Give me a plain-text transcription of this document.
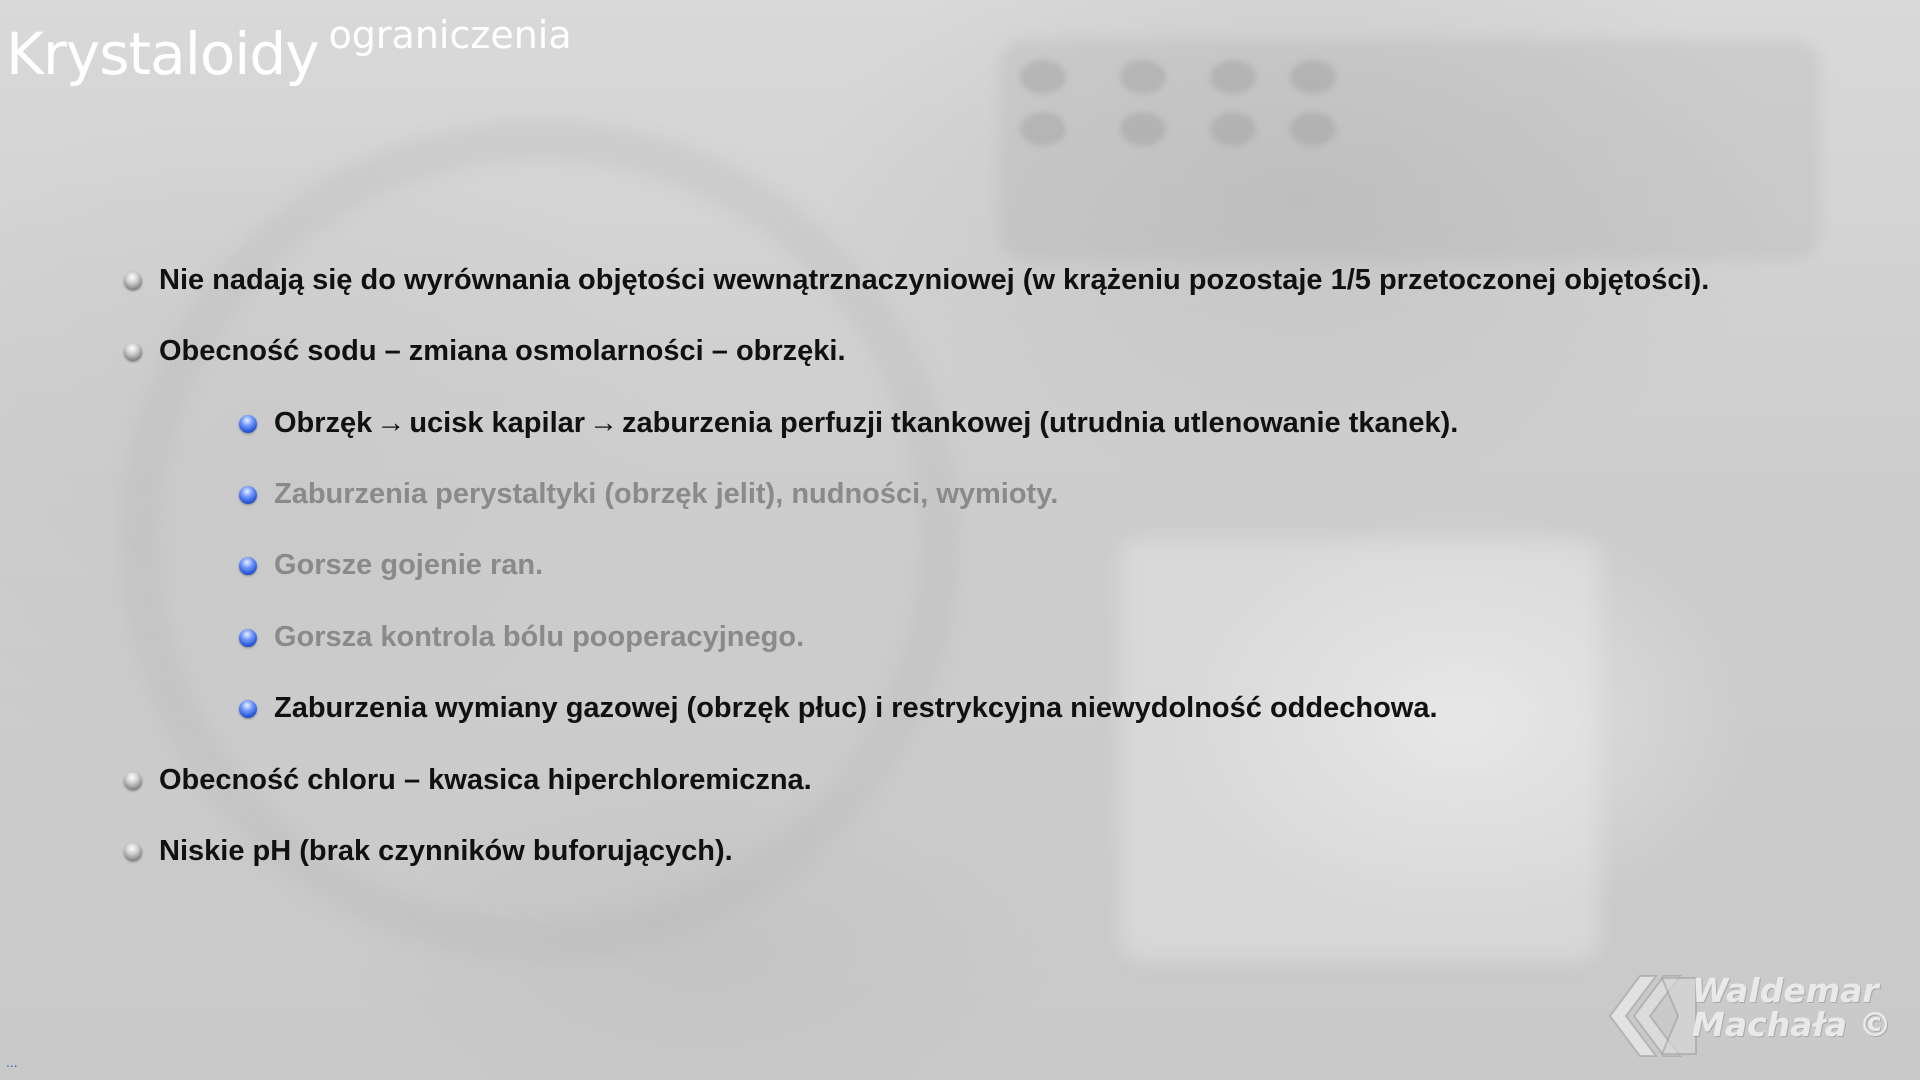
Krystaloidy ograniczenia
Nie nadają się do wyrównania objętości wewnątrznaczyniowej (w krążeniu pozostaje 1/5 przetoczonej objętości).
Obecność sodu – zmiana osmolarności – obrzęki.
Obrzęk → ucisk kapilar → zaburzenia perfuzji tkankowej (utrudnia utlenowanie tkanek).
Zaburzenia perystaltyki (obrzęk jelit), nudności, wymioty.
Gorsze gojenie ran.
Gorsza kontrola bólu pooperacyjnego.
Zaburzenia wymiany gazowej (obrzęk płuc) i restrykcyjna niewydolność oddechowa.
Obecność chloru – kwasica hiperchloremiczna.
Niskie pH (brak czynników buforujących).
Waldemar
Machała ©
...
